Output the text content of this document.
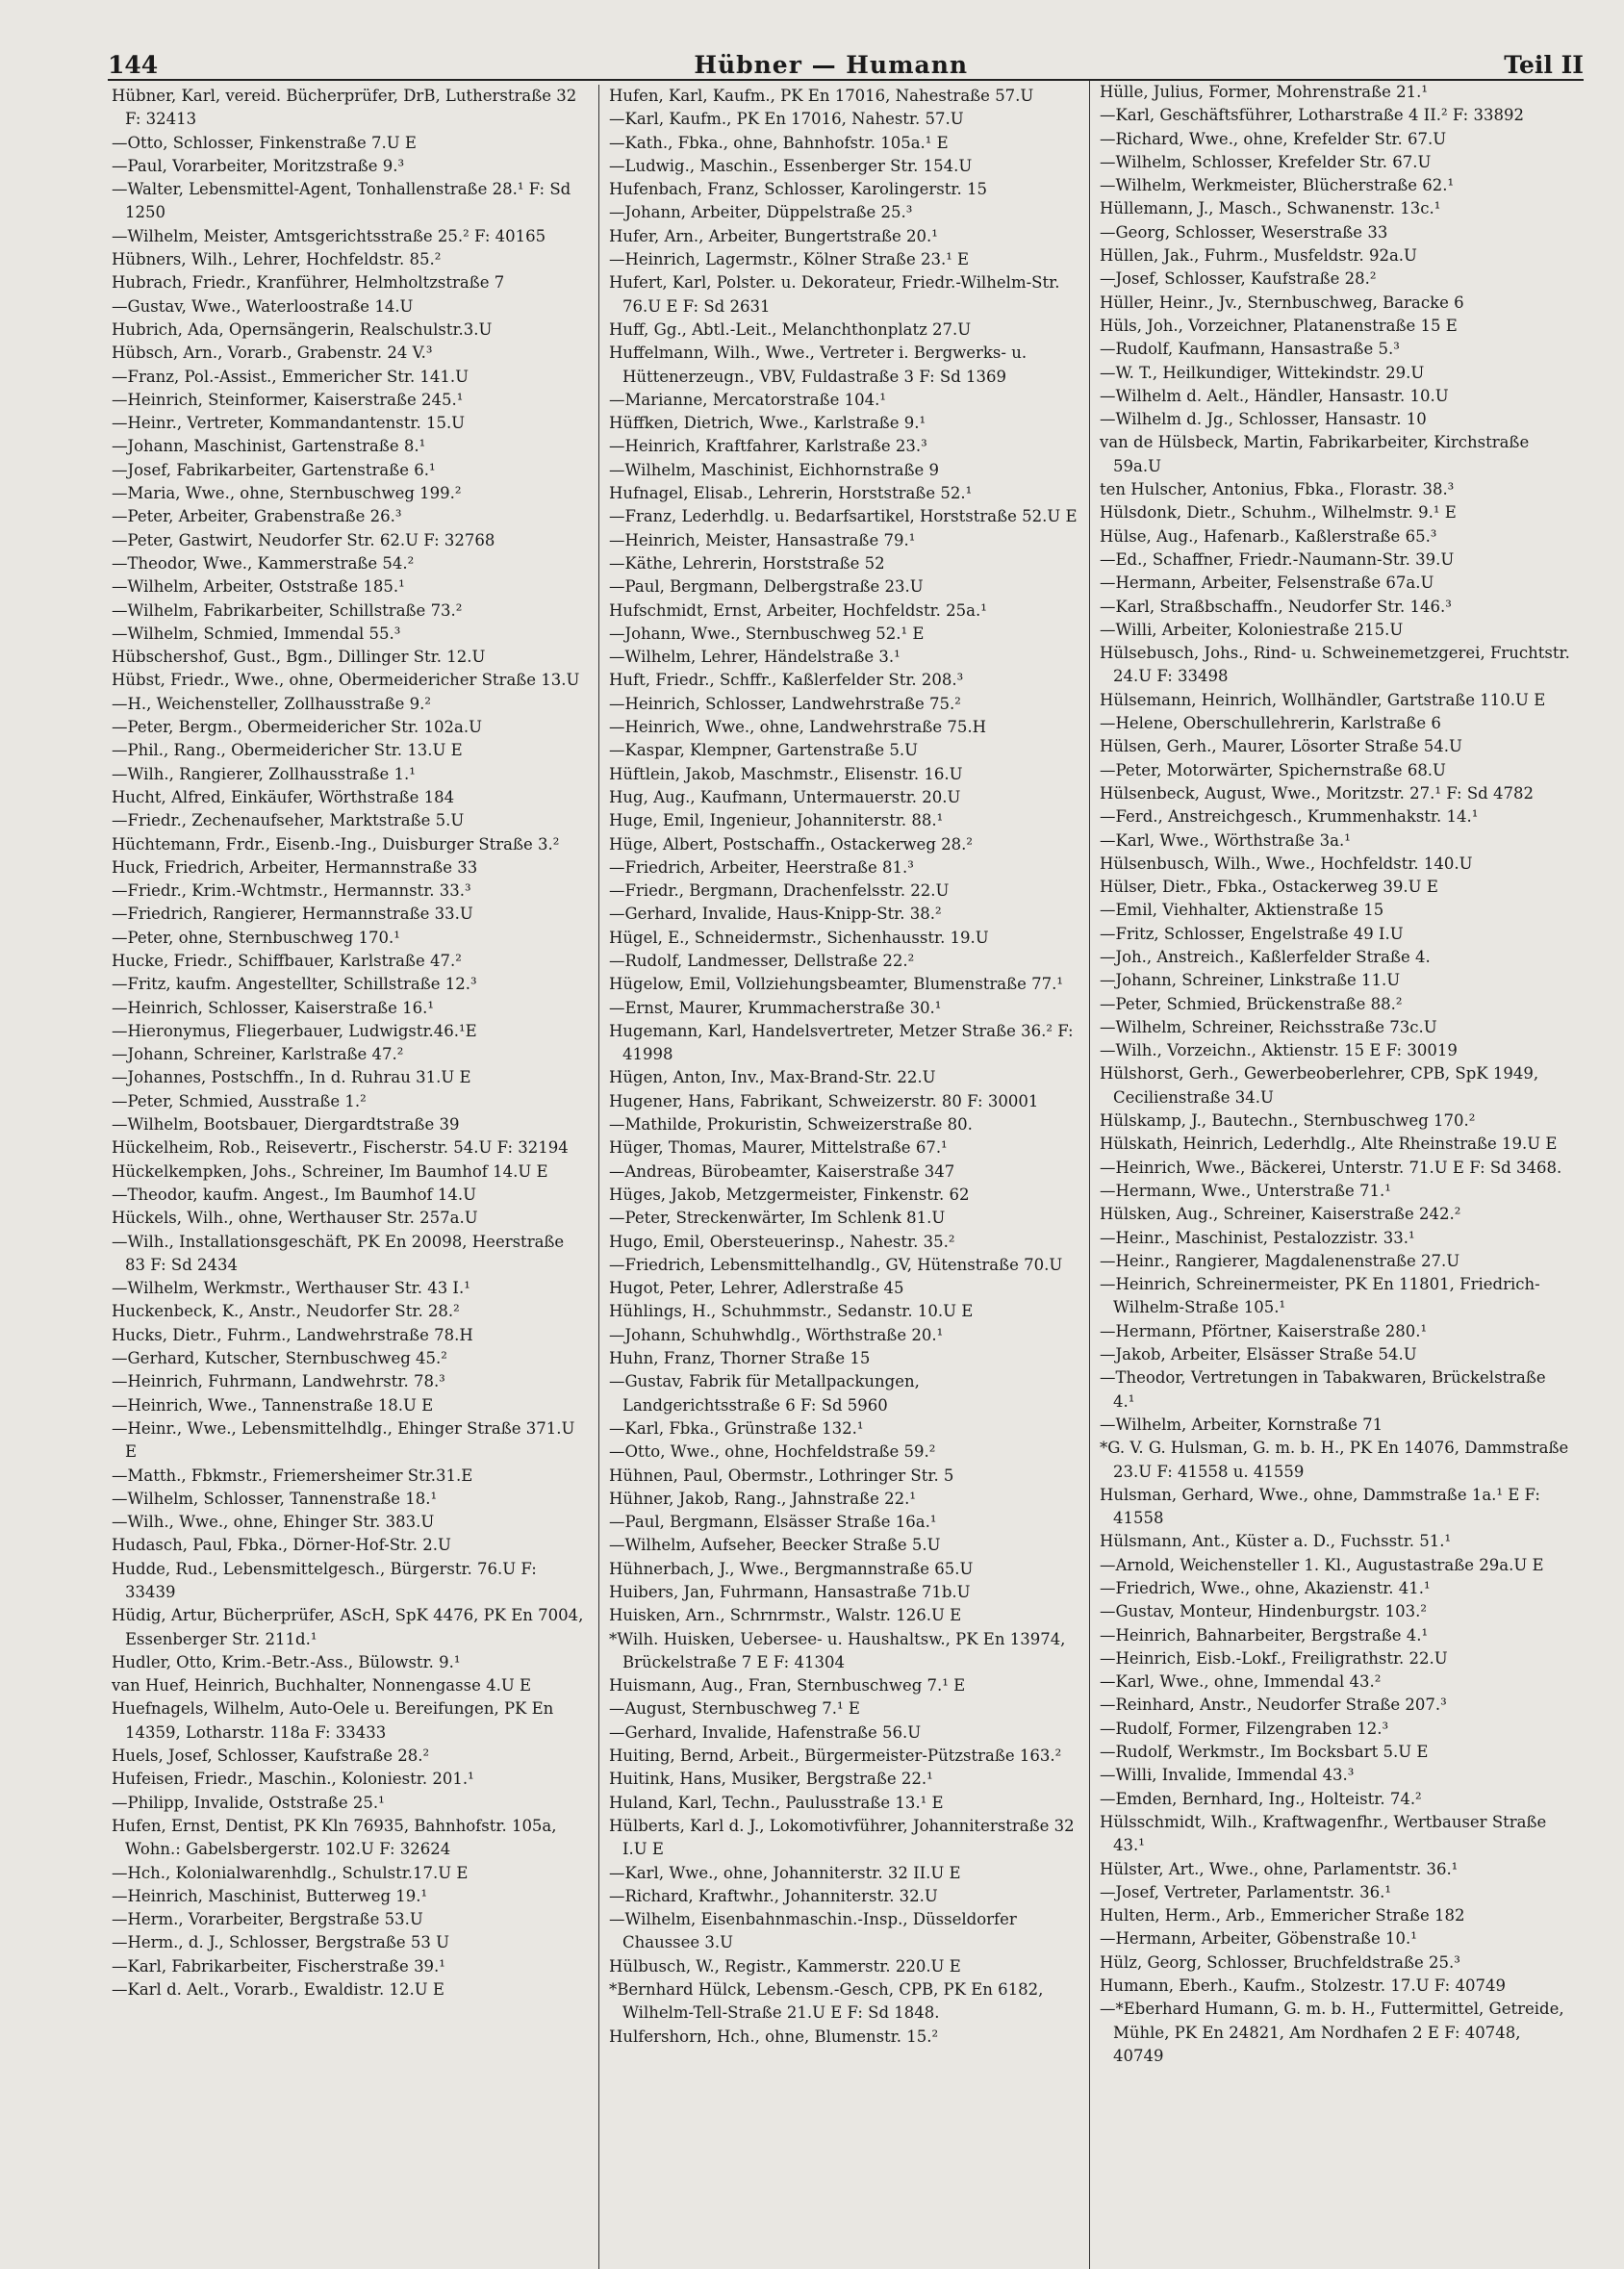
144	Hübner — Humann	Teil II

Hübner, Karl, vereid. Bücherprüfer, DrB, Lutherstraße 32 F: 32413

—Otto, Schlosser, Finkenstraße 7.U E

—Paul, Vorarbeiter, Moritzstraße 9.³

—Walter, Lebensmittel-Agent, Tonhallenstraße 28.¹ F: Sd 1250

—Wilhelm, Meister, Amtsgerichtsstraße 25.² F: 40165

Hübners, Wilh., Lehrer, Hochfeldstr. 85.²

Hubrach, Friedr., Kranführer, Helmholtzstraße 7

—Gustav, Wwe., Waterloostraße 14.U

Hubrich, Ada, Opernsängerin, Realschulstr.3.U

Hübsch, Arn., Vorarb., Grabenstr. 24 V.³

—Franz, Pol.-Assist., Emmericher Str. 141.U

—Heinrich, Steinformer, Kaiserstraße 245.¹

—Heinr., Vertreter, Kommandantenstr. 15.U

—Johann, Maschinist, Gartenstraße 8.¹

—Josef, Fabrikarbeiter, Gartenstraße 6.¹

—Maria, Wwe., ohne, Sternbuschweg 199.²

—Peter, Arbeiter, Grabenstraße 26.³

—Peter, Gastwirt, Neudorfer Str. 62.U F: 32768

—Theodor, Wwe., Kammerstraße 54.²

—Wilhelm, Arbeiter, Oststraße 185.¹

—Wilhelm, Fabrikarbeiter, Schillstraße 73.²

—Wilhelm, Schmied, Immendal 55.³

Hübschershof, Gust., Bgm., Dillinger Str. 12.U

Hübst, Friedr., Wwe., ohne, Obermeidericher Straße 13.U

—H., Weichensteller, Zollhausstraße 9.²

—Peter, Bergm., Obermeidericher Str. 102a.U

—Phil., Rang., Obermeidericher Str. 13.U E

—Wilh., Rangierer, Zollhausstraße 1.¹

Hucht, Alfred, Einkäufer, Wörthstraße 184

—Friedr., Zechenaufseher, Marktstraße 5.U

Hüchtemann, Frdr., Eisenb.-Ing., Duisburger Straße 3.²

Huck, Friedrich, Arbeiter, Hermannstraße 33

—Friedr., Krim.-Wchtmstr., Hermannstr. 33.³

—Friedrich, Rangierer, Hermannstraße 33.U

—Peter, ohne, Sternbuschweg 170.¹

Hucke, Friedr., Schiffbauer, Karlstraße 47.²

—Fritz, kaufm. Angestellter, Schillstraße 12.³

—Heinrich, Schlosser, Kaiserstraße 16.¹

—Hieronymus, Fliegerbauer, Ludwigstr.46.¹E

—Johann, Schreiner, Karlstraße 47.²

—Johannes, Postschffn., In d. Ruhrau 31.U E

—Peter, Schmied, Ausstraße 1.²

—Wilhelm, Bootsbauer, Diergardtstraße 39

Hückelheim, Rob., Reisevertr., Fischerstr. 54.U F: 32194

Hückelkempken, Johs., Schreiner, Im Baumhof 14.U E

—Theodor, kaufm. Angest., Im Baumhof 14.U

Hückels, Wilh., ohne, Werthauser Str. 257a.U

—Wilh., Installationsgeschäft, PK En 20098, Heerstraße 83 F: Sd 2434

—Wilhelm, Werkmstr., Werthauser Str. 43 I.¹

Huckenbeck, K., Anstr., Neudorfer Str. 28.²

Hucks, Dietr., Fuhrm., Landwehrstraße 78.H

—Gerhard, Kutscher, Sternbuschweg 45.²

—Heinrich, Fuhrmann, Landwehrstr. 78.³

—Heinrich, Wwe., Tannenstraße 18.U E

—Heinr., Wwe., Lebensmittelhdlg., Ehinger Straße 371.U E

—Matth., Fbkmstr., Friemersheimer Str.31.E

—Wilhelm, Schlosser, Tannenstraße 18.¹

—Wilh., Wwe., ohne, Ehinger Str. 383.U

Hudasch, Paul, Fbka., Dörner-Hof-Str. 2.U

Hudde, Rud., Lebensmittelgesch., Bürgerstr. 76.U F: 33439

Hüdig, Artur, Bücherprüfer, AScH, SpK 4476, PK En 7004, Essenberger Str. 211d.¹

Hudler, Otto, Krim.-Betr.-Ass., Bülowstr. 9.¹

van Huef, Heinrich, Buchhalter, Nonnengasse 4.U E

Huefnagels, Wilhelm, Auto-Oele u. Bereifungen, PK En 14359, Lotharstr. 118a F: 33433

Huels, Josef, Schlosser, Kaufstraße 28.²

Hufeisen, Friedr., Maschin., Koloniestr. 201.¹

—Philipp, Invalide, Oststraße 25.¹

Hufen, Ernst, Dentist, PK Kln 76935, Bahnhofstr. 105a, Wohn.: Gabelsbergerstr. 102.U F: 32624

—Hch., Kolonialwarenhdlg., Schulstr.17.U E

—Heinrich, Maschinist, Butterweg 19.¹

—Herm., Vorarbeiter, Bergstraße 53.U

—Herm., d. J., Schlosser, Bergstraße 53 U

—Karl, Fabrikarbeiter, Fischerstraße 39.¹

—Karl d. Aelt., Vorarb., Ewaldistr. 12.U E

Hufen, Karl, Kaufm., PK En 17016, Nahestraße 57.U

—Karl, Kaufm., PK En 17016, Nahestr. 57.U

—Kath., Fbka., ohne, Bahnhofstr. 105a.¹ E

—Ludwig., Maschin., Essenberger Str. 154.U

Hufenbach, Franz, Schlosser, Karolingerstr. 15

—Johann, Arbeiter, Düppelstraße 25.³

Hufer, Arn., Arbeiter, Bungertstraße 20.¹

—Heinrich, Lagermstr., Kölner Straße 23.¹ E

Hufert, Karl, Polster. u. Dekorateur, Friedr.-Wilhelm-Str. 76.U E F: Sd 2631

Huff, Gg., Abtl.-Leit., Melanchthonplatz 27.U

Huffelmann, Wilh., Wwe., Vertreter i. Bergwerks- u. Hüttenerzeugn., VBV, Fuldastraße 3 F: Sd 1369

—Marianne, Mercatorstraße 104.¹

Hüffken, Dietrich, Wwe., Karlstraße 9.¹

—Heinrich, Kraftfahrer, Karlstraße 23.³

—Wilhelm, Maschinist, Eichhornstraße 9

Hufnagel, Elisab., Lehrerin, Horststraße 52.¹

—Franz, Lederhdlg. u. Bedarfsartikel, Horststraße 52.U E

—Heinrich, Meister, Hansastraße 79.¹

—Käthe, Lehrerin, Horststraße 52

—Paul, Bergmann, Delbergstraße 23.U

Hufschmidt, Ernst, Arbeiter, Hochfeldstr. 25a.¹

—Johann, Wwe., Sternbuschweg 52.¹ E

—Wilhelm, Lehrer, Händelstraße 3.¹

Huft, Friedr., Schffr., Kaßlerfelder Str. 208.³

—Heinrich, Schlosser, Landwehrstraße 75.²

—Heinrich, Wwe., ohne, Landwehrstraße 75.H

—Kaspar, Klempner, Gartenstraße 5.U

Hüftlein, Jakob, Maschmstr., Elisenstr. 16.U

Hug, Aug., Kaufmann, Untermauerstr. 20.U

Huge, Emil, Ingenieur, Johanniterstr. 88.¹

Hüge, Albert, Postschaffn., Ostackerweg 28.²

—Friedrich, Arbeiter, Heerstraße 81.³

—Friedr., Bergmann, Drachenfelsstr. 22.U

—Gerhard, Invalide, Haus-Knipp-Str. 38.²

Hügel, E., Schneidermstr., Sichenhausstr. 19.U

—Rudolf, Landmesser, Dellstraße 22.²

Hügelow, Emil, Vollziehungsbeamter, Blumenstraße 77.¹

—Ernst, Maurer, Krummacherstraße 30.¹

Hugemann, Karl, Handelsvertreter, Metzer Straße 36.² F: 41998

Hügen, Anton, Inv., Max-Brand-Str. 22.U

Hugener, Hans, Fabrikant, Schweizerstr. 80 F: 30001

—Mathilde, Prokuristin, Schweizerstraße 80.

Hüger, Thomas, Maurer, Mittelstraße 67.¹

—Andreas, Bürobeamter, Kaiserstraße 347

Hüges, Jakob, Metzgermeister, Finkenstr. 62

—Peter, Streckenwärter, Im Schlenk 81.U

Hugo, Emil, Obersteuerinsp., Nahestr. 35.²

—Friedrich, Lebensmittelhandlg., GV, Hütenstraße 70.U

Hugot, Peter, Lehrer, Adlerstraße 45

Hühlings, H., Schuhmmstr., Sedanstr. 10.U E

—Johann, Schuhwhdlg., Wörthstraße 20.¹

Huhn, Franz, Thorner Straße 15

—Gustav, Fabrik für Metallpackungen, Landgerichtsstraße 6 F: Sd 5960

—Karl, Fbka., Grünstraße 132.¹

—Otto, Wwe., ohne, Hochfeldstraße 59.²

Hühnen, Paul, Obermstr., Lothringer Str. 5

Hühner, Jakob, Rang., Jahnstraße 22.¹

—Paul, Bergmann, Elsässer Straße 16a.¹

—Wilhelm, Aufseher, Beecker Straße 5.U

Hühnerbach, J., Wwe., Bergmannstraße 65.U

Huibers, Jan, Fuhrmann, Hansastraße 71b.U

Huisken, Arn., Schrnrmstr., Walstr. 126.U E

*Wilh. Huisken, Ueberseе- u. Haushaltsw., PK En 13974, Brückelstraße 7 E F: 41304

Huismann, Aug., Fran, Sternbuschweg 7.¹ E

—August, Sternbuschweg 7.¹ E

—Gerhard, Invalide, Hafenstraße 56.U

Huiting, Bernd, Arbeit., Bürgermeister-Pützstraße 163.²

Huitink, Hans, Musiker, Bergstraße 22.¹

Huland, Karl, Techn., Paulusstraße 13.¹ E

Hülberts, Karl d. J., Lokomotivführer, Johanniterstraße 32 I.U E

—Karl, Wwe., ohne, Johanniterstr. 32 II.U E

—Richard, Kraftwhr., Johanniterstr. 32.U

—Wilhelm, Eisenbahnmaschin.-Insp., Düsseldorfer Chaussee 3.U

Hülbusch, W., Registr., Kammerstr. 220.U E

*Bernhard Hülck, Lebensm.-Gesch, CPB, PK En 6182, Wilhelm-Tell-Straße 21.U E F: Sd 1848.

Hulfershorn, Hch., ohne, Blumenstr. 15.²

Hülle, Julius, Former, Mohrenstraße 21.¹

—Karl, Geschäftsführer, Lotharstraße 4 II.² F: 33892

—Richard, Wwe., ohne, Krefelder Str. 67.U

—Wilhelm, Schlosser, Krefelder Str. 67.U

—Wilhelm, Werkmeister, Blücherstraße 62.¹

Hüllemann, J., Masch., Schwanenstr. 13c.¹

—Georg, Schlosser, Weserstraße 33

Hüllen, Jak., Fuhrm., Musfeldstr. 92a.U

—Josef, Schlosser, Kaufstraße 28.²

Hüller, Heinr., Jv., Sternbuschweg, Baracke 6

Hüls, Joh., Vorzeichner, Platanenstraße 15 E

—Rudolf, Kaufmann, Hansastraße 5.³

—W. T., Heilkundiger, Wittekindstr. 29.U

—Wilhelm d. Aelt., Händler, Hansastr. 10.U

—Wilhelm d. Jg., Schlosser, Hansastr. 10

van de Hülsbeck, Martin, Fabrikarbeiter, Kirchstraße 59a.U

ten Hulscher, Antonius, Fbka., Florastr. 38.³

Hülsdonk, Dietr., Schuhm., Wilhelmstr. 9.¹ E

Hülse, Aug., Hafenarb., Kaßlerstraße 65.³

—Ed., Schaffner, Friedr.-Naumann-Str. 39.U

—Hermann, Arbeiter, Felsenstraße 67a.U

—Karl, Straßbschaffn., Neudorfer Str. 146.³

—Willi, Arbeiter, Koloniestraße 215.U

Hülsebusch, Johs., Rind- u. Schweinemetzgerei, Fruchtstr. 24.U F: 33498

Hülsemann, Heinrich, Wollhändler, Gartstraße 110.U E

—Helene, Oberschullehrerin, Karlstraße 6

Hülsen, Gerh., Maurer, Lösorter Straße 54.U

—Peter, Motorwärter, Spichernstraße 68.U

Hülsenbeck, August, Wwe., Moritzstr. 27.¹ F: Sd 4782

—Ferd., Anstreichgesch., Krummenhakstr. 14.¹

—Karl, Wwe., Wörthstraße 3a.¹

Hülsenbusch, Wilh., Wwe., Hochfeldstr. 140.U

Hülser, Dietr., Fbka., Ostackerweg 39.U E

—Emil, Viehhalter, Aktienstraße 15

—Fritz, Schlosser, Engelstraße 49 I.U

—Joh., Anstreich., Kaßlerfelder Straße 4.

—Johann, Schreiner, Linkstraße 11.U

—Peter, Schmied, Brückenstraße 88.²

—Wilhelm, Schreiner, Reichsstraße 73c.U

—Wilh., Vorzeichn., Aktienstr. 15 E F: 30019

Hülshorst, Gerh., Gewerbeoberlehrer, CPB, SpK 1949, Cecilienstraße 34.U

Hülskamp, J., Bautechn., Sternbuschweg 170.²

Hülskath, Heinrich, Lederhdlg., Alte Rheinstraße 19.U E

—Heinrich, Wwe., Bäckerei, Unterstr. 71.U E F: Sd 3468.

—Hermann, Wwe., Unterstraße 71.¹

Hülsken, Aug., Schreiner, Kaiserstraße 242.²

—Heinr., Maschinist, Pestalozzistr. 33.¹

—Heinr., Rangierer, Magdalenenstraße 27.U

—Heinrich, Schreinermeister, PK En 11801, Friedrich-Wilhelm-Straße 105.¹

—Hermann, Pförtner, Kaiserstraße 280.¹

—Jakob, Arbeiter, Elsässer Straße 54.U

—Theodor, Vertretungen in Tabakwaren, Brückelstraße 4.¹

—Wilhelm, Arbeiter, Kornstraße 71

*G. V. G. Hulsman, G. m. b. H., PK En 14076, Dammstraße 23.U F: 41558 u. 41559

Hulsman, Gerhard, Wwe., ohne, Dammstraße 1a.¹ E F: 41558

Hülsmann, Ant., Küster a. D., Fuchsstr. 51.¹

—Arnold, Weichensteller 1. Kl., Augustastraße 29a.U E

—Friedrich, Wwe., ohne, Akazienstr. 41.¹

—Gustav, Monteur, Hindenburgstr. 103.²

—Heinrich, Bahnarbeiter, Bergstraße 4.¹

—Heinrich, Eisb.-Lokf., Freiligrathstr. 22.U

—Karl, Wwe., ohne, Immendal 43.²

—Reinhard, Anstr., Neudorfer Straße 207.³

—Rudolf, Former, Filzengraben 12.³

—Rudolf, Werkmstr., Im Bocksbart 5.U E

—Willi, Invalide, Immendal 43.³

—Emden, Bernhard, Ing., Holteistr. 74.²

Hülsschmidt, Wilh., Kraftwagenfhr., Wertbauser Straße 43.¹

Hülster, Art., Wwe., ohne, Parlamentstr. 36.¹

—Josef, Vertreter, Parlamentstr. 36.¹

Hulten, Herm., Arb., Emmericher Straße 182

—Hermann, Arbeiter, Göbenstraße 10.¹

Hülz, Georg, Schlosser, Bruchfeldstraße 25.³

Humann, Eberh., Kaufm., Stolzestr. 17.U F: 40749

—*Eberhard Humann, G. m. b. H., Futtermittel, Getreide, Mühle, PK En 24821, Am Nordhafen 2 E F: 40748, 40749
